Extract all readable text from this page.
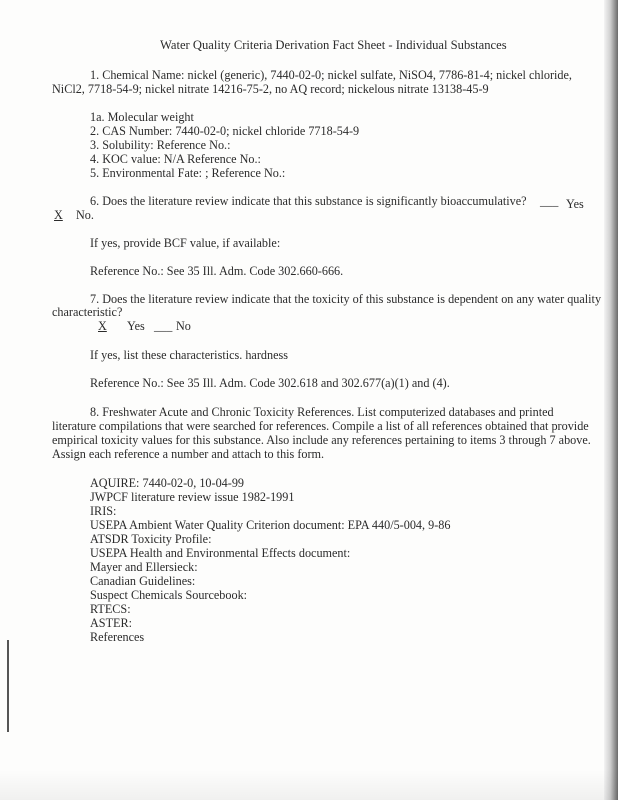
Water Quality Criteria Derivation Fact Sheet - Individual Substances
1. Chemical Name: nickel (generic), 7440-02-0; nickel sulfate, NiSO4, 7786-81-4; nickel chloride,
NiCl2, 7718-54-9; nickel nitrate 14216-75-2, no AQ record; nickelous nitrate 13138-45-9
1a. Molecular weight
2. CAS Number: 7440-02-0; nickel chloride 7718-54-9
3. Solubility: Reference No.:
4. KOC value: N/A Reference No.:
5. Environmental Fate: ; Reference No.:
6. Does the literature review indicate that this substance is significantly bioaccumulative? ___ Yes
X No.
If yes, provide BCF value, if available:
Reference No.: See 35 Ill. Adm. Code 302.660-666.
7. Does the literature review indicate that the toxicity of this substance is dependent on any water quality
characteristic?
X Yes ___ No
If yes, list these characteristics. hardness
Reference No.: See 35 Ill. Adm. Code 302.618 and 302.677(a)(1) and (4).
8. Freshwater Acute and Chronic Toxicity References. List computerized databases and printed
literature compilations that were searched for references. Compile a list of all references obtained that provide
empirical toxicity values for this substance. Also include any references pertaining to items 3 through 7 above.
Assign each reference a number and attach to this form.
AQUIRE: 7440-02-0, 10-04-99
JWPCF literature review issue 1982-1991
IRIS:
USEPA Ambient Water Quality Criterion document: EPA 440/5-004, 9-86
ATSDR Toxicity Profile:
USEPA Health and Environmental Effects document:
Mayer and Ellersieck:
Canadian Guidelines:
Suspect Chemicals Sourcebook:
RTECS:
ASTER:
References
